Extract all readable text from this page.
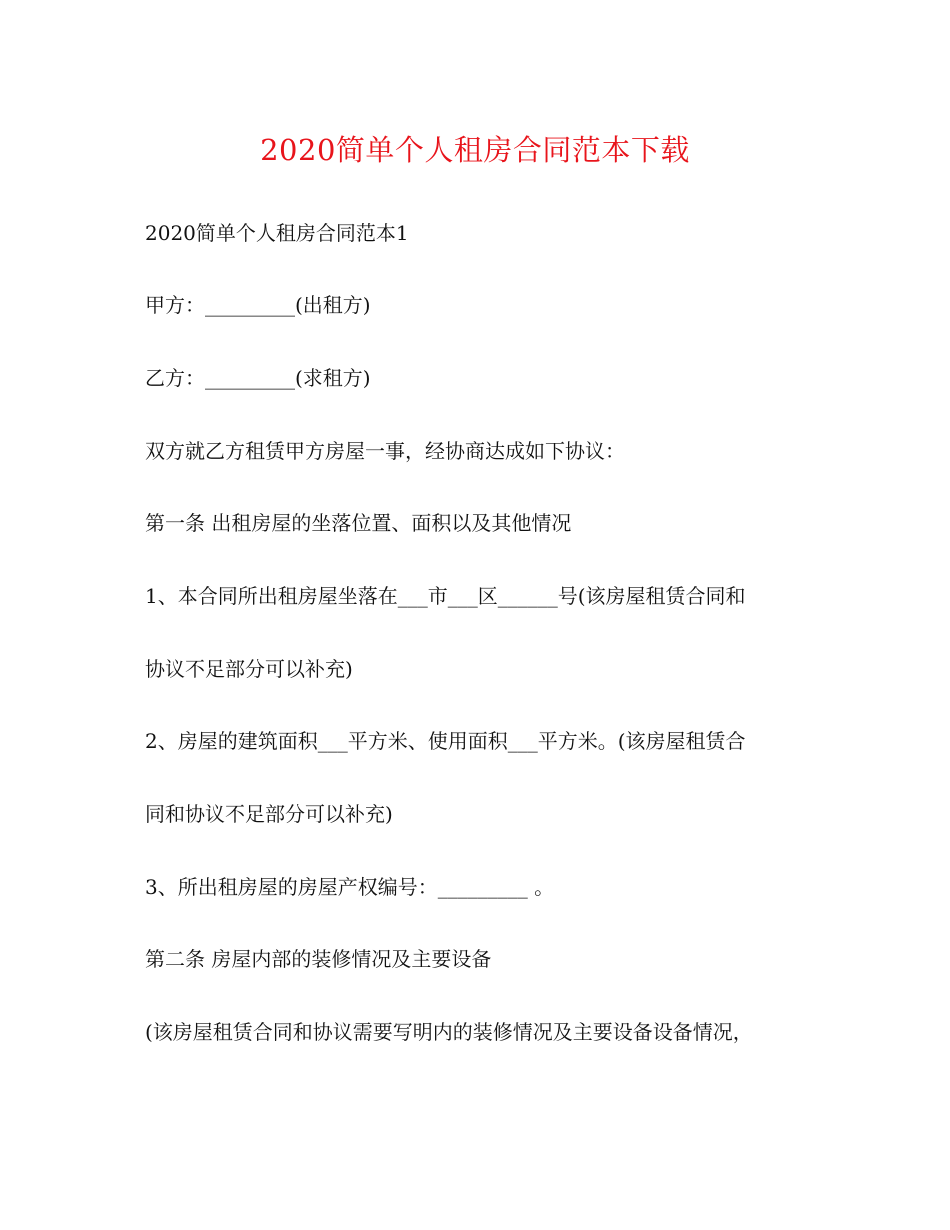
2020简单个人租房合同范本下载
2020简单个人租房合同范本1
甲方：_________(出租方)
乙方：_________(求租方)
双方就乙方租赁甲方房屋一事，经协商达成如下协议：
第一条 出租房屋的坐落位置、面积以及其他情况
1、本合同所出租房屋坐落在___市___区______号(该房屋租赁合同和
协议不足部分可以补充)
2、房屋的建筑面积___平方米、使用面积___平方米。(该房屋租赁合
同和协议不足部分可以补充)
3、所出租房屋的房屋产权编号：_________ 。
第二条 房屋内部的装修情况及主要设备
(该房屋租赁合同和协议需要写明内的装修情况及主要设备设备情况，
